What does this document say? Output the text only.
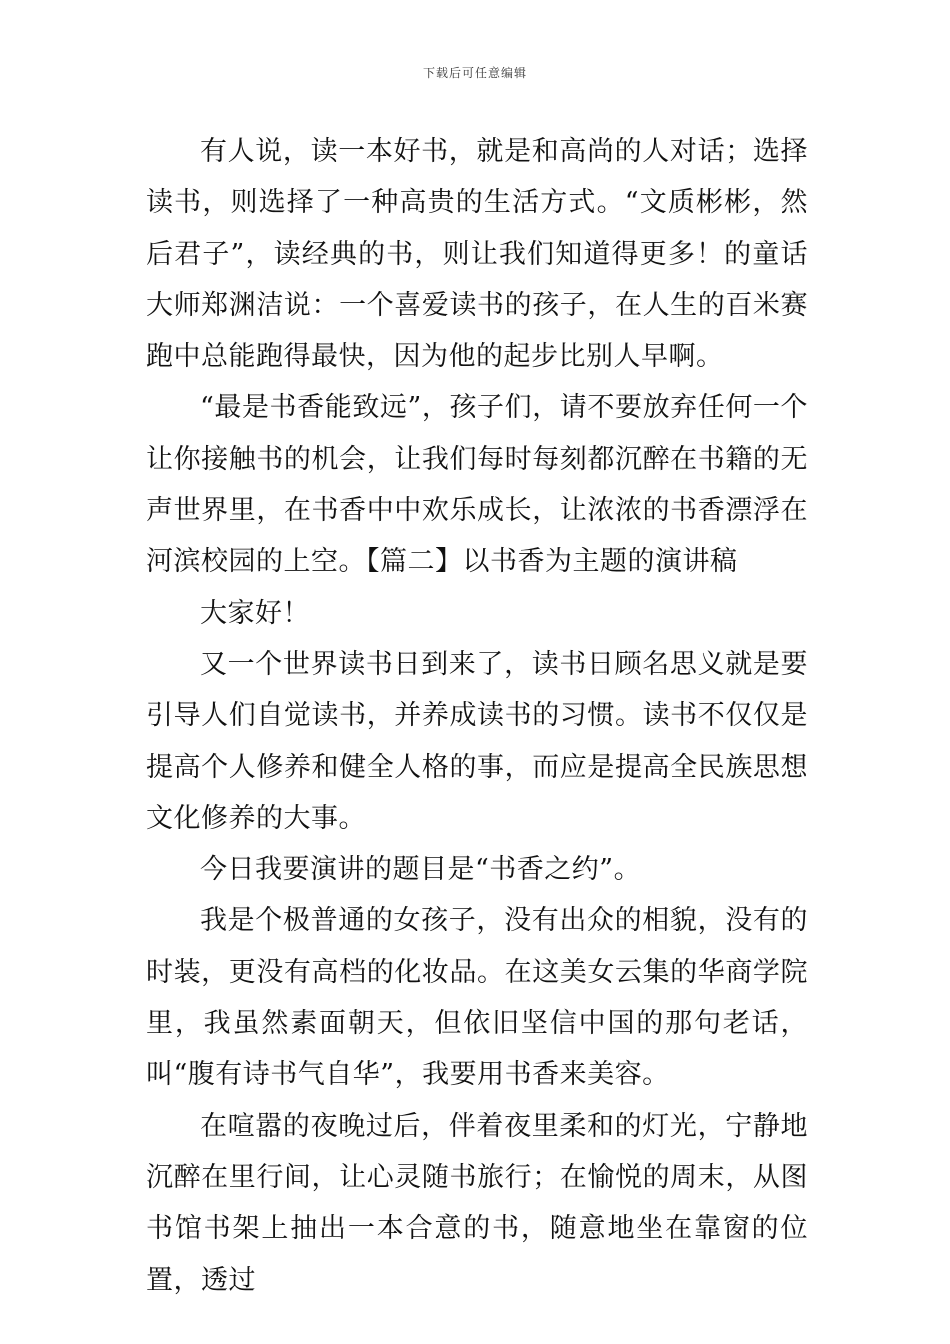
下载后可任意编辑

有人说，读一本好书，就是和高尚的人对话；选择读书，则选择了一种高贵的生活方式。“文质彬彬，然后君子”，读经典的书，则让我们知道得更多！的童话大师郑渊洁说：一个喜爱读书的孩子，在人生的百米赛跑中总能跑得最快，因为他的起步比别人早啊。

“最是书香能致远”，孩子们，请不要放弃任何一个让你接触书的机会，让我们每时每刻都沉醉在书籍的无声世界里，在书香中中欢乐成长，让浓浓的书香漂浮在河滨校园的上空。【篇二】以书香为主题的演讲稿

大家好！

又一个世界读书日到来了，读书日顾名思义就是要引导人们自觉读书，并养成读书的习惯。读书不仅仅是提高个人修养和健全人格的事，而应是提高全民族思想文化修养的大事。

今日我要演讲的题目是“书香之约”。

我是个极普通的女孩子，没有出众的相貌，没有的时装，更没有高档的化妆品。在这美女云集的华商学院里，我虽然素面朝天，但依旧坚信中国的那句老话，叫“腹有诗书气自华”，我要用书香来美容。

在喧嚣的夜晚过后，伴着夜里柔和的灯光，宁静地沉醉在里行间，让心灵随书旅行；在愉悦的周末，从图书馆书架上抽出一本合意的书，随意地坐在靠窗的位置，透过
